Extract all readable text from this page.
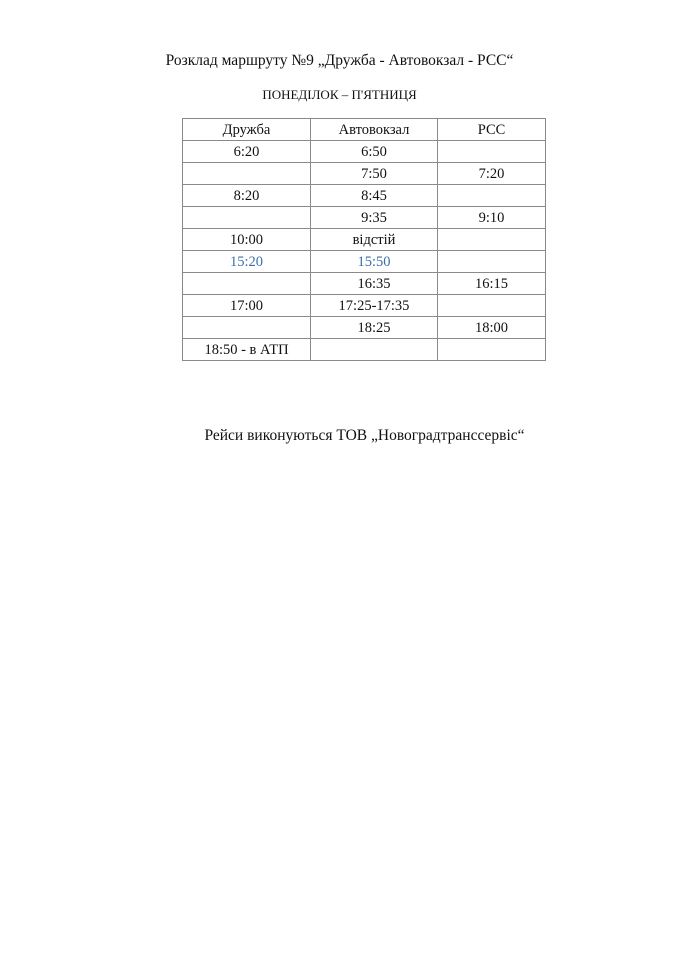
Розклад маршруту №9 „Дружба - Автовокзал - РСС“
ПОНЕДІЛОК – П'ЯТНИЦЯ
Дружба	Автовокзал	РСС
6:20	6:50	
	7:50	7:20
8:20	8:45	
	9:35	9:10
10:00	відстій	
15:20	15:50	
	16:35	16:15
17:00	17:25-17:35	
	18:25	18:00
18:50 - в АТП		
Рейси виконуються ТОВ „Новоградтранссервіс“
